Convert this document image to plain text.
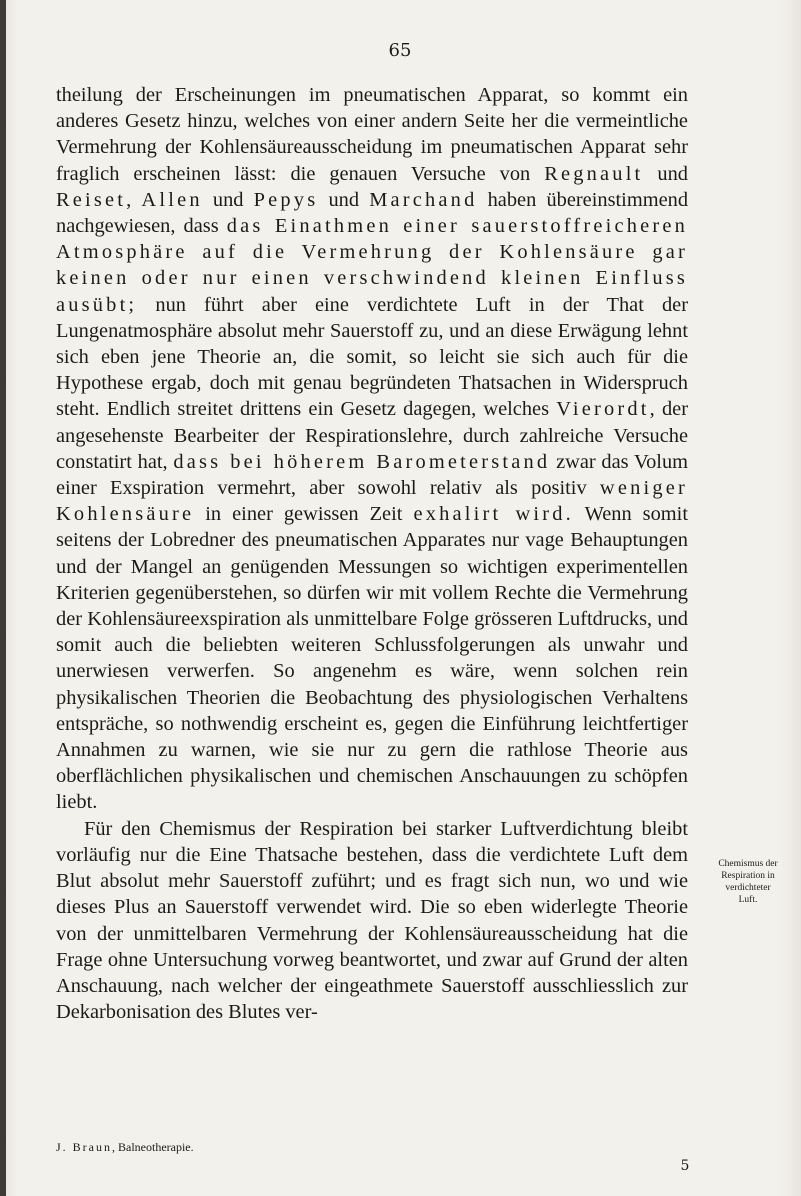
65

theilung der Erscheinungen im pneumatischen Apparat, so kommt ein anderes Gesetz hinzu, welches von einer andern Seite her die vermeintliche Vermehrung der Kohlensäureausscheidung im pneumatischen Apparat sehr fraglich erscheinen lässt: die genauen Versuche von Regnault und Reiset, Allen und Pepys und Marchand haben übereinstimmend nachgewiesen, dass das Einathmen einer sauerstoffreicheren Atmosphäre auf die Vermehrung der Kohlensäure gar keinen oder nur einen verschwindend kleinen Einfluss ausübt; nun führt aber eine verdichtete Luft in der That der Lungenatmosphäre absolut mehr Sauerstoff zu, und an diese Erwägung lehnt sich eben jene Theorie an, die somit, so leicht sie sich auch für die Hypothese ergab, doch mit genau begründeten Thatsachen in Widerspruch steht. Endlich streitet drittens ein Gesetz dagegen, welches Vierordt, der angesehenste Bearbeiter der Respirationslehre, durch zahlreiche Versuche constatirt hat, dass bei höherem Barometerstand zwar das Volum einer Exspiration vermehrt, aber sowohl relativ als positiv weniger Kohlensäure in einer gewissen Zeit exhalirt wird. Wenn somit seitens der Lobredner des pneumatischen Apparates nur vage Behauptungen und der Mangel an genügenden Messungen so wichtigen experimentellen Kriterien gegenüberstehen, so dürfen wir mit vollem Rechte die Vermehrung der Kohlensäureexspiration als unmittelbare Folge grösseren Luftdrucks, und somit auch die beliebten weiteren Schlussfolgerungen als unwahr und unerwiesen verwerfen. So angenehm es wäre, wenn solchen rein physikalischen Theorien die Beobachtung des physiologischen Verhaltens entspräche, so nothwendig erscheint es, gegen die Einführung leichtfertiger Annahmen zu warnen, wie sie nur zu gern die rathlose Theorie aus oberflächlichen physikalischen und chemischen Anschauungen zu schöpfen liebt.

Für den Chemismus der Respiration bei starker Luftverdichtung bleibt vorläufig nur die Eine Thatsache bestehen, dass die verdichtete Luft dem Blut absolut mehr Sauerstoff zuführt; und es fragt sich nun, wo und wie dieses Plus an Sauerstoff verwendet wird. Die so eben widerlegte Theorie von der unmittelbaren Vermehrung der Kohlensäureausscheidung hat die Frage ohne Untersuchung vorweg beantwortet, und zwar auf Grund der alten Anschauung, nach welcher der eingeathmete Sauerstoff ausschliesslich zur Dekarbonisation des Blutes ver-

Chemismus der
Respiration in
verdichteter
Luft.
J. Braun, Balneotherapie.
5
